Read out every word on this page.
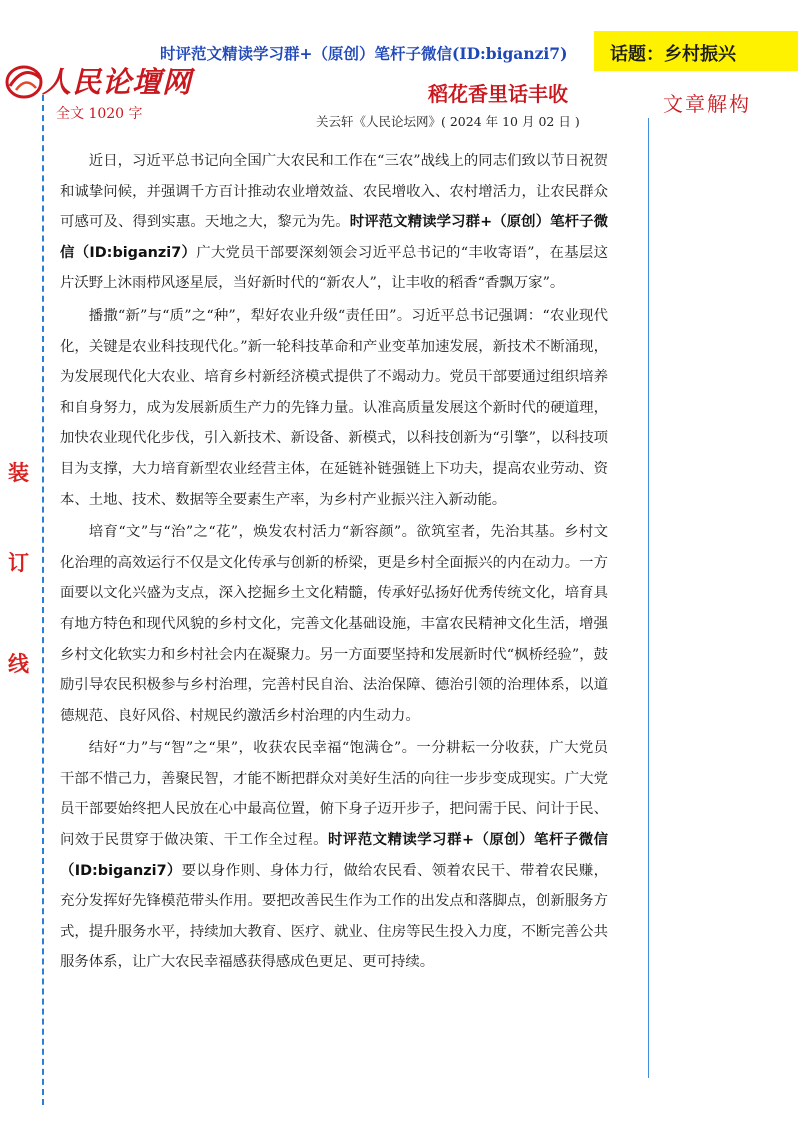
装
订
线
人民论壇网
全文 1020 字
时评范文精读学习群+（原创）笔杆子微信(ID:biganzi7) 话题：乡村振兴
稻花香里话丰收	文章解构
关云轩《人民论坛网》( 2024 年 10 月 02 日 )

近日，习近平总书记向全国广大农民和工作在“三农”战线上的同志们致以节日祝贺和诚挚问候，并强调千方百计推动农业增效益、农民增收入、农村增活力，让农民群众可感可及、得到实惠。天地之大，黎元为先。时评范文精读学习群+（原创）笔杆子微信（ID:biganzi7）广大党员干部要深刻领会习近平总书记的“丰收寄语”，在基层这片沃野上沐雨栉风逐星辰，当好新时代的“新农人”，让丰收的稻香“香飘万家”。

播撒“新”与“质”之“种”，犁好农业升级“责任田”。习近平总书记强调：“农业现代化，关键是农业科技现代化。”新一轮科技革命和产业变革加速发展，新技术不断涌现，为发展现代化大农业、培育乡村新经济模式提供了不竭动力。党员干部要通过组织培养和自身努力，成为发展新质生产力的先锋力量。认准高质量发展这个新时代的硬道理，加快农业现代化步伐，引入新技术、新设备、新模式，以科技创新为“引擎”，以科技项目为支撑，大力培育新型农业经营主体，在延链补链强链上下功夫，提高农业劳动、资本、土地、技术、数据等全要素生产率，为乡村产业振兴注入新动能。

培育“文”与“治”之“花”，焕发农村活力“新容颜”。欲筑室者，先治其基。乡村文化治理的高效运行不仅是文化传承与创新的桥梁，更是乡村全面振兴的内在动力。一方面要以文化兴盛为支点，深入挖掘乡土文化精髓，传承好弘扬好优秀传统文化，培育具有地方特色和现代风貌的乡村文化，完善文化基础设施，丰富农民精神文化生活，增强乡村文化软实力和乡村社会内在凝聚力。另一方面要坚持和发展新时代“枫桥经验”，鼓励引导农民积极参与乡村治理，完善村民自治、法治保障、德治引领的治理体系，以道德规范、良好风俗、村规民约激活乡村治理的内生动力。

结好“力”与“智”之“果”，收获农民幸福“饱满仓”。一分耕耘一分收获，广大党员干部不惜己力，善聚民智，才能不断把群众对美好生活的向往一步步变成现实。广大党员干部要始终把人民放在心中最高位置，俯下身子迈开步子，把问需于民、问计于民、问效于民贯穿于做决策、干工作全过程。时评范文精读学习群+（原创）笔杆子微信（ID:biganzi7）要以身作则、身体力行，做给农民看、领着农民干、带着农民赚，充分发挥好先锋模范带头作用。要把改善民生作为工作的出发点和落脚点，创新服务方式，提升服务水平，持续加大教育、医疗、就业、住房等民生投入力度，不断完善公共服务体系，让广大农民幸福感获得感成色更足、更可持续。
